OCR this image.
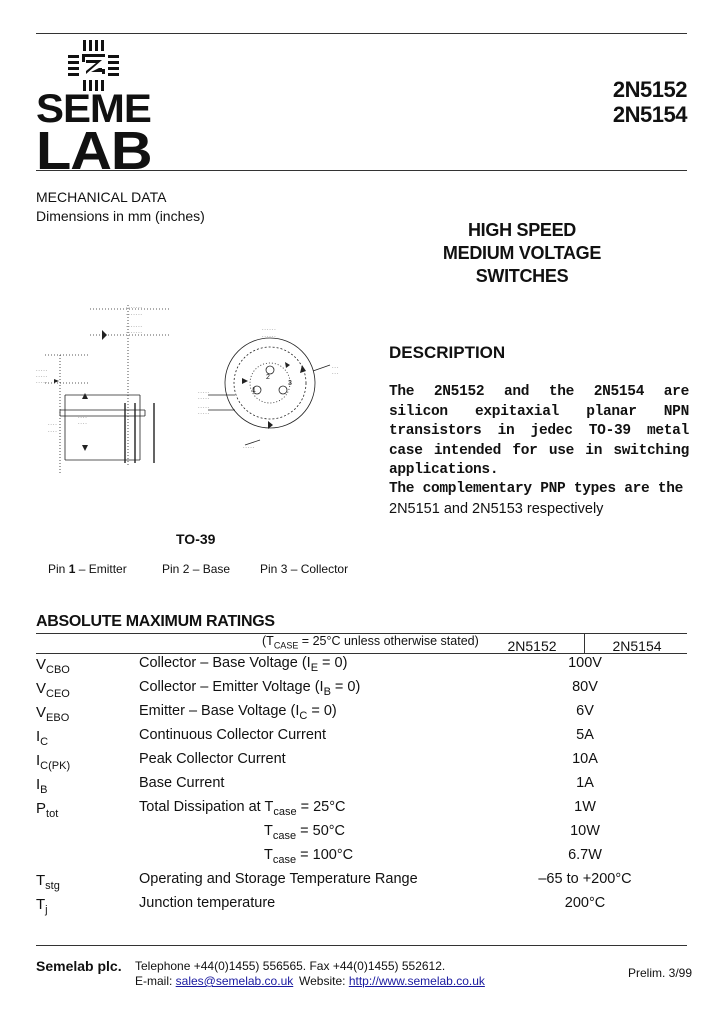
SEME
LAB
2N5152
2N5154
MECHANICAL DATA
Dimensions in mm (inches)
HIGH SPEED
MEDIUM VOLTAGE
SWITCHES
- - - - - - -
- - - - - - -
- - - - - - -
- - - - - - -
- - - - -
- - - - -
- - - - -
- - - -
- - - -
- - - -
- - - -
- - - - - -
- - - - - -
- - - - -
- - - - -
- - - - -
- - - - -
- - -
- - -
- - - - -
1
2
3
TO-39
Pin 1 – Emitter	Pin 2 – Base Pin 3 – Collector
DESCRIPTION
The 2N5152 and the 2N5154 are silicon expitaxial planar NPN transistors in jedec TO-39 metal case intended for use in switching applications.
The complementary PNP types are the
2N5151 and 2N5153 respectively
ABSOLUTE MAXIMUM RATINGS
($T_{CASE} = 25^\circ C$ unless otherwise stated)	2N5152	2N5154
$V_{CBO}$	Collector – Base Voltage $(I_E = 0)$	100V
$V_{CEO}$	Collector – Emitter Voltage $(I_B = 0)$	80V
$V_{EBO}$	Emitter – Base Voltage $(I_C = 0)$	6V
$I_C$	Continuous Collector Current	5A
$I_{C(PK)}$	Peak Collector Current	10A
$I_B$	Base Current	1A
$P_{tot}$	Total Dissipation at $T_{case} = 25^\circ C$	1W
$T_{case} = 50^\circ C$	10W
$T_{case} = 100^\circ C$	6.7W
$T_{stg}$	Operating and Storage Temperature Range	–65 to +200°C
$T_j$	Junction temperature	200°C
Semelab plc. Telephone +44(0)1455) 556565. Fax +44(0)1455) 552612.
E-mail: sales@semelab.co.uk Website: http://www.semelab.co.uk
Prelim. 3/99
